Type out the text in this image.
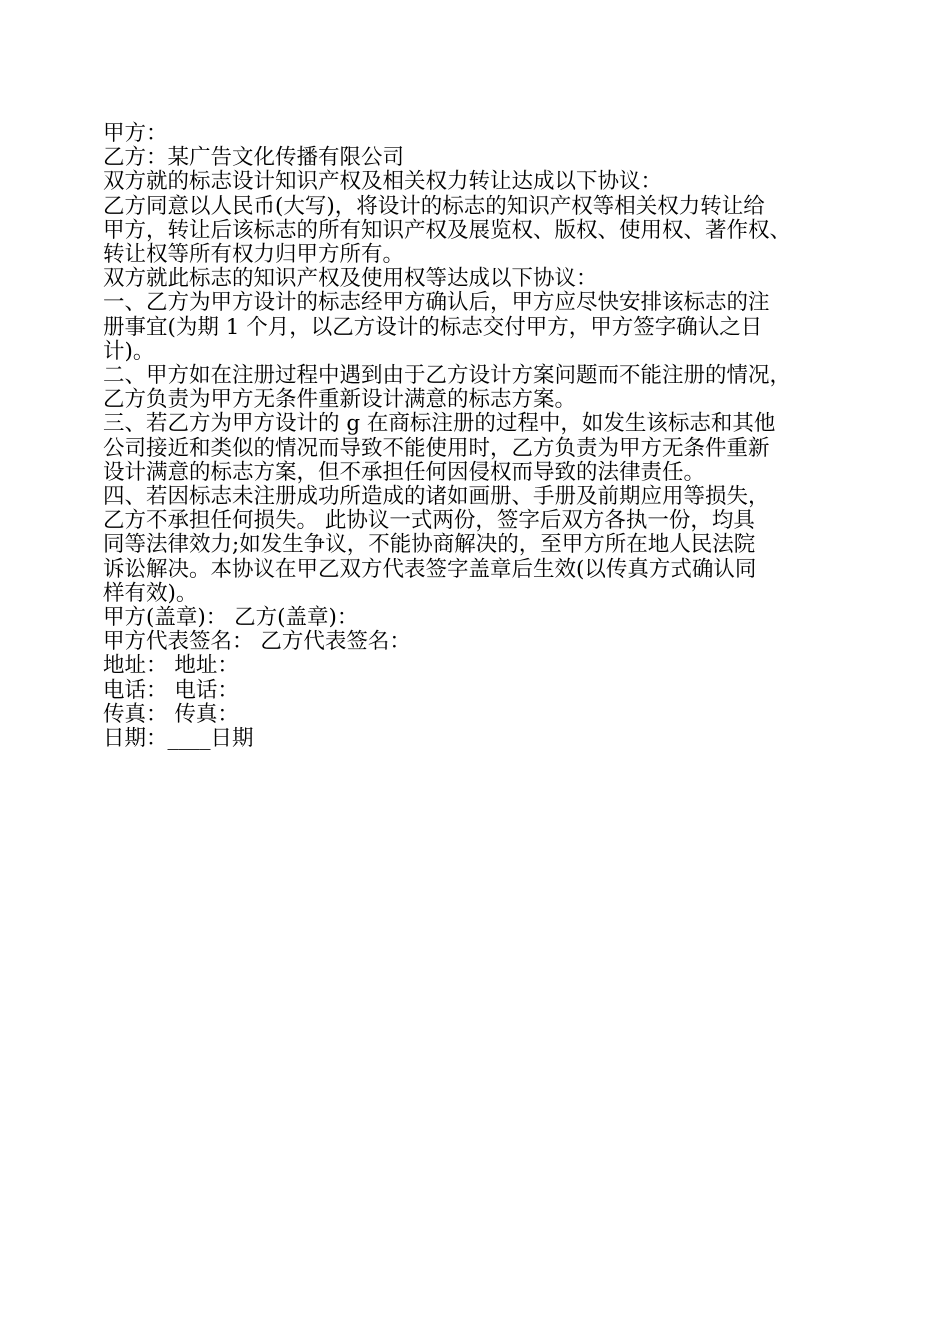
甲方：

乙方：某广告文化传播有限公司

双方就的标志设计知识产权及相关权力转让达成以下协议：

乙方同意以人民币(大写)，将设计的标志的知识产权等相关权力转让给

甲方，转让后该标志的所有知识产权及展览权、版权、使用权、著作权、

转让权等所有权力归甲方所有。

双方就此标志的知识产权及使用权等达成以下协议：

一、乙方为甲方设计的标志经甲方确认后，甲方应尽快安排该标志的注

册事宜(为期 1 个月，以乙方设计的标志交付甲方，甲方签字确认之日

计)。

二、甲方如在注册过程中遇到由于乙方设计方案问题而不能注册的情况，

乙方负责为甲方无条件重新设计满意的标志方案。

三、若乙方为甲方设计的 g 在商标注册的过程中，如发生该标志和其他

公司接近和类似的情况而导致不能使用时，乙方负责为甲方无条件重新

设计满意的标志方案，但不承担任何因侵权而导致的法律责任。

四、若因标志未注册成功所造成的诸如画册、手册及前期应用等损失，

乙方不承担任何损失。 此协议一式两份，签字后双方各执一份，均具

同等法律效力;如发生争议，不能协商解决的，至甲方所在地人民法院

诉讼解决。本协议在甲乙双方代表签字盖章后生效(以传真方式确认同

样有效)。

甲方(盖章)： 乙方(盖章)：

甲方代表签名： 乙方代表签名：

地址： 地址：

电话： 电话：

传真： 传真：

日期：____日期
